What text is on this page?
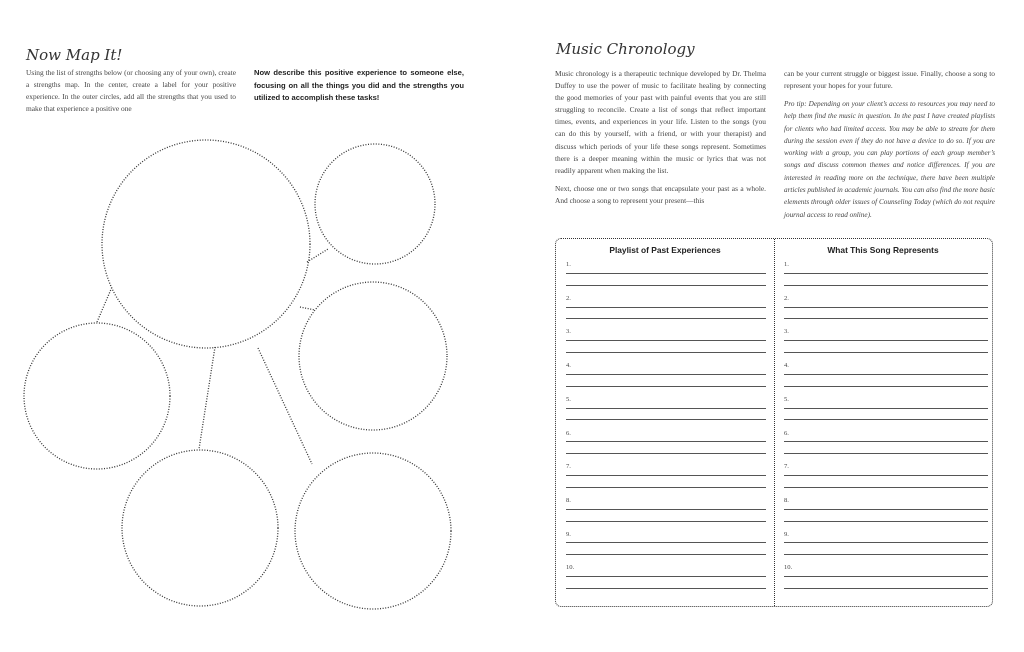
Now Map It!
Using the list of strengths below (or choosing any of your own), create a strengths map. In the center, create a label for your positive experience. In the outer circles, add all the strengths that you used to make that experience a positive one
Now describe this positive experience to someone else, focusing on all the things you did and the strengths you utilized to accomplish these tasks!
Music Chronology

Music chronology is a therapeutic technique developed by Dr. Thelma Duffey to use the power of music to facilitate healing by connecting the good memories of your past with painful events that you are still struggling to reconcile. Create a list of songs that reflect important times, events, and experiences in your life. Listen to the songs (you can do this by yourself, with a friend, or with your therapist) and discuss which periods of your life these songs represent. Sometimes there is a deeper meaning within the music or lyrics that was not readily apparent when making the list.

Next, choose one or two songs that encapsulate your past as a whole. And choose a song to represent your present—this

can be your current struggle or biggest issue. Finally, choose a song to represent your hopes for your future.

Pro tip: Depending on your client’s access to resources you may need to help them find the music in question. In the past I have created playlists for clients who had limited access. You may be able to stream for them during the session even if they do not have a device to do so. If you are working with a group, you can play portions of each group member’s songs and discuss common themes and notice differences. If you are interested in reading more on the technique, there have been multiple articles published in academic journals. You can also find the more basic elements through older issues of Counseling Today (which do not require journal access to read online).
Playlist of Past Experiences	What This Song Represents
1.	1.
2.	2.
3.	3.
4.	4.
5.	5.
6.	6.
7.	7.
8.	8.
9.	9.
10.	10.
